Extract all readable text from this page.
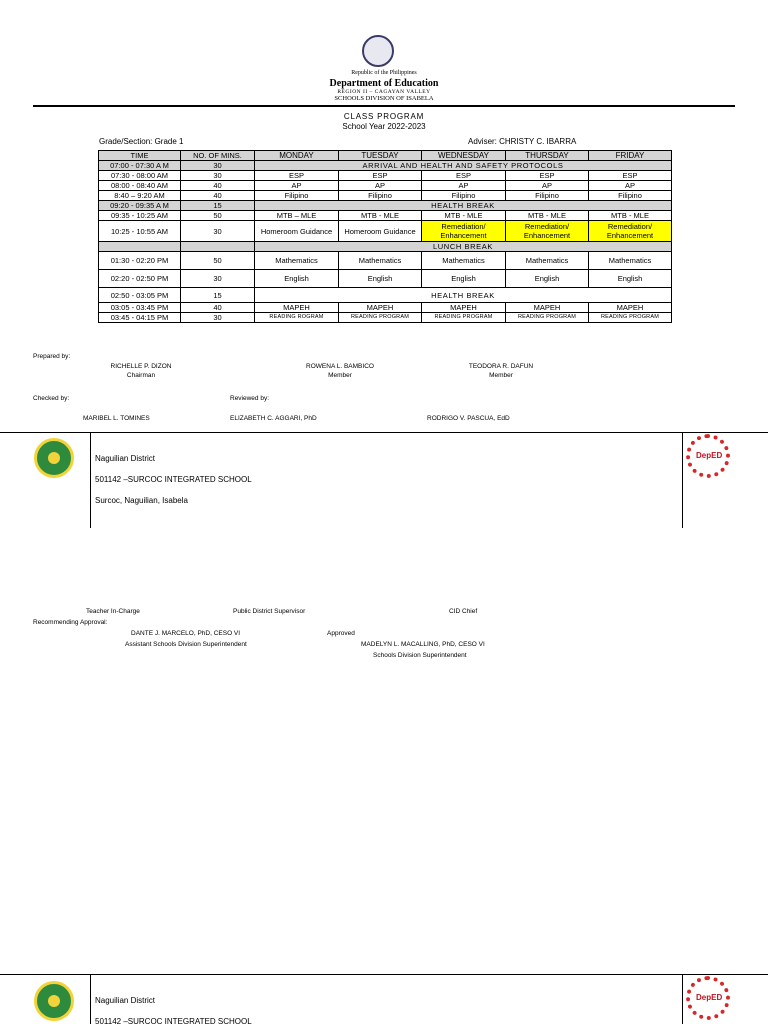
Republic of the Philippines
Department of Education
REGION II – CAGAYAN VALLEY
SCHOOLS DIVISION OF ISABELA
CLASS PROGRAM
School Year 2022-2023
Grade/Section: Grade 1	Adviser: CHRISTY C. IBARRA
TIME	NO. OF MINS.	MONDAY	TUESDAY	WEDNESDAY	THURSDAY	FRIDAY
07:00 - 07:30 A M	30	ARRIVAL AND HEALTH AND SAFETY PROTOCOLS				
07:30 - 08:00 AM	30	ESP	ESP	ESP	ESP	ESP
08:00 - 08:40 AM	40	AP	AP	AP	AP	AP
8:40 – 9:20 AM	40	Filipino	Filipino	Filipino	Filipino	Filipino
09:20 - 09:35 A M	15	HEALTH BREAK				
09:35 - 10:25 AM	50	MTB – MLE	MTB - MLE	MTB - MLE	MTB - MLE	MTB - MLE
10:25 - 10:55 AM	30	Homeroom Guidance	Homeroom Guidance	Remediation/ Enhancement	Remediation/ Enhancement	Remediation/ Enhancement
		LUNCH BREAK				
01:30 - 02:20 PM	50	Mathematics	Mathematics	Mathematics	Mathematics	Mathematics
02:20 - 02:50 PM	30	English	English	English	English	English
02:50 - 03:05 PM	15	HEALTH BREAK				
03:05 - 03:45 PM	40	MAPEH	MAPEH	MAPEH	MAPEH	MAPEH
03:45 - 04:15 PM	30	READING ROGRAM	READING PROGRAM	READING PROGRAM	READING PROGRAM	READING PROGRAM
Prepared by:
RICHELLE P. DIZON
Chairman
ROWENA L. BAMBICO
Member
TEODORA R. DAFUN
Member
Checked by:	Reviewed by:
MARIBEL L. TOMINES	ELIZABETH C. AGGARI, PhD	RODRIGO V. PASCUA, EdD
DepED
Naguilian District
501142 –SURCOC INTEGRATED SCHOOL
Surcoc, Naguilian, Isabela
Teacher In-Charge	Public District Supervisor	CID Chief
Recommending Approval:
DANTE J. MARCELO, PhD, CESO VI	Approved
Assistant Schools Division Superintendent	MADELYN L. MACALLING, PhD, CESO VI
Schools Division Superintendent
DepED
Naguilian District
501142 –SURCOC INTEGRATED SCHOOL
